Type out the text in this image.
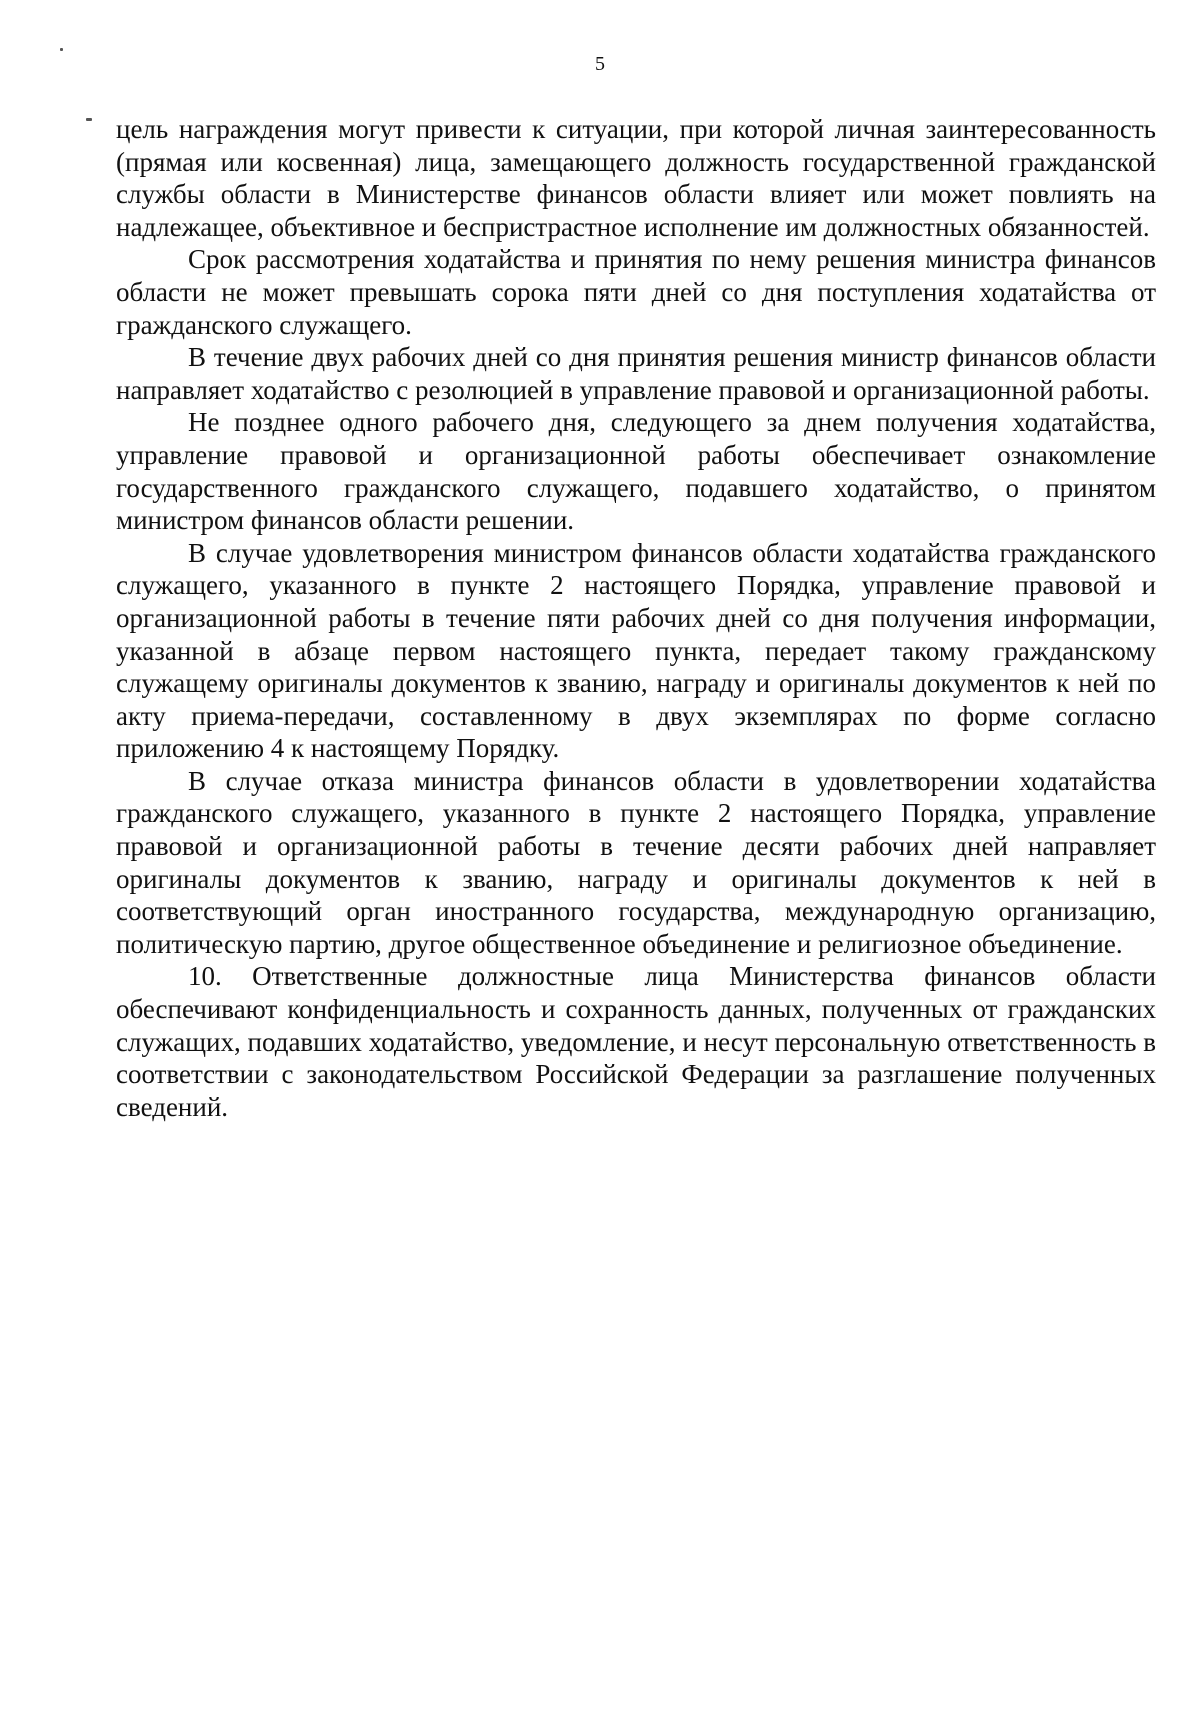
5

цель награждения могут привести к ситуации, при которой личная заинтересованность (прямая или косвенная) лица, замещающего должность государственной гражданской службы области в Министерстве финансов области влияет или может повлиять на надлежащее, объективное и беспристрастное исполнение им должностных обязанностей.

Срок рассмотрения ходатайства и принятия по нему решения министра финансов области не может превышать сорока пяти дней со дня поступления ходатайства от гражданского служащего.

В течение двух рабочих дней со дня принятия решения министр финансов области направляет ходатайство с резолюцией в управление правовой и организационной работы.

Не позднее одного рабочего дня, следующего за днем получения ходатайства, управление правовой и организационной работы обеспечивает ознакомление государственного гражданского служащего, подавшего ходатайство, о принятом министром финансов области решении.

В случае удовлетворения министром финансов области ходатайства гражданского служащего, указанного в пункте 2 настоящего Порядка, управление правовой и организационной работы в течение пяти рабочих дней со дня получения информации, указанной в абзаце первом настоящего пункта, передает такому гражданскому служащему оригиналы документов к званию, награду и оригиналы документов к ней по акту приема-передачи, составленному в двух экземплярах по форме согласно приложению 4 к настоящему Порядку.

В случае отказа министра финансов области в удовлетворении ходатайства гражданского служащего, указанного в пункте 2 настоящего Порядка, управление правовой и организационной работы в течение десяти рабочих дней направляет оригиналы документов к званию, награду и оригиналы документов к ней в соответствующий орган иностранного государства, международную организацию, политическую партию, другое общественное объединение и религиозное объединение.

10. Ответственные должностные лица Министерства финансов области обеспечивают конфиденциальность и сохранность данных, полученных от гражданских служащих, подавших ходатайство, уведомление, и несут персональную ответственность в соответствии с законодательством Российской Федерации за разглашение полученных сведений.
